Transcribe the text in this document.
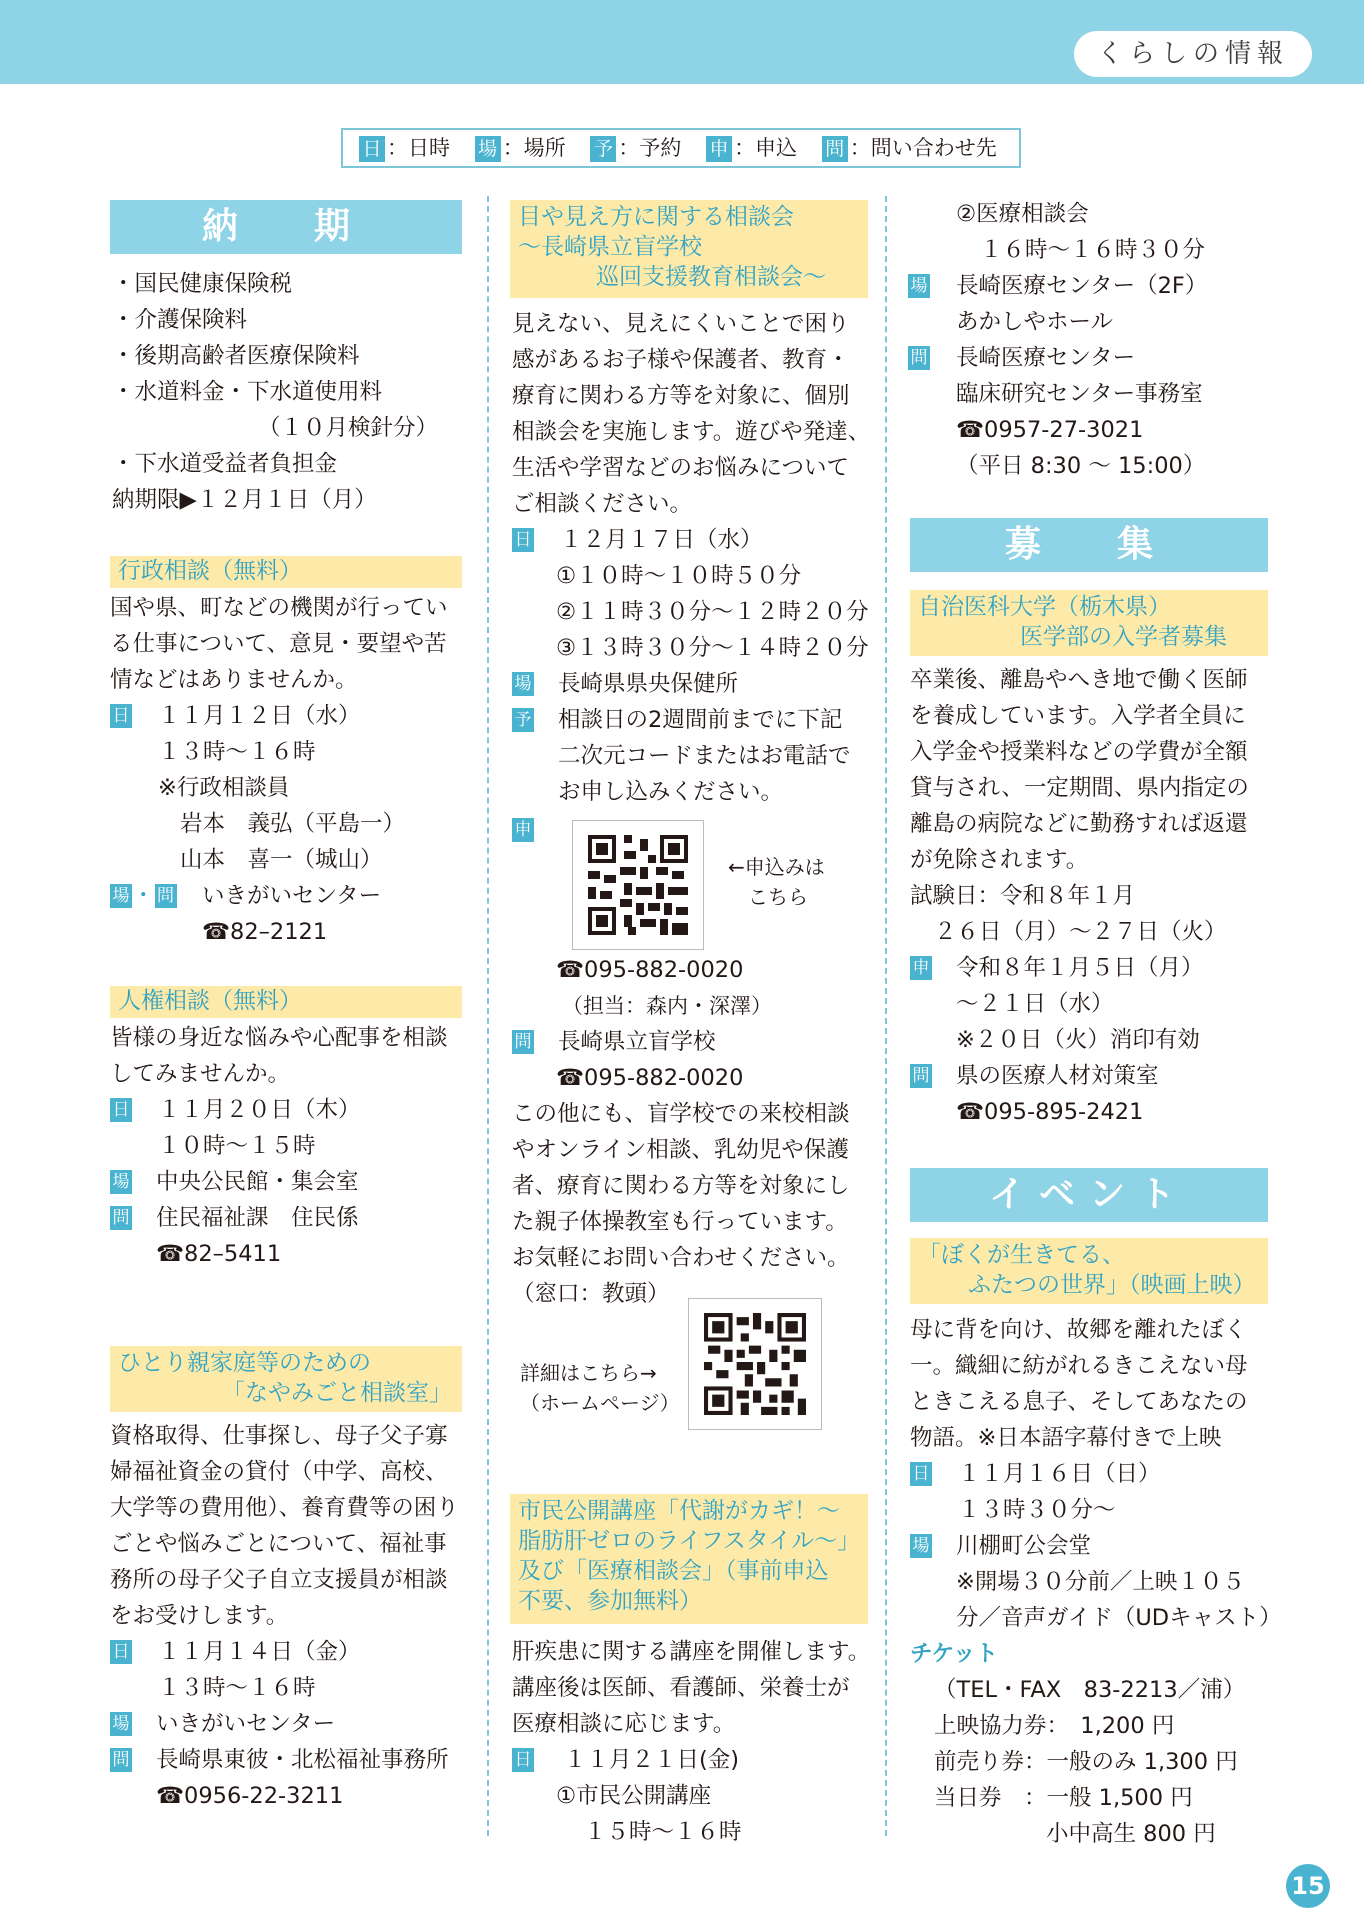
くらしの情報
日 ：日時 場 ：場所 予 ：予約 申 ：申込 問 ：問い合わせ先
納　期
・国民健康保険税
・介護保険料
・後期高齢者医療保険料
・水道料金・下水道使用料
（１０月検針分）
・下水道受益者負担金
納期限▶１２月１日（月）
行政相談（無料）
国や県、町などの機関が行ってい
る仕事について、意見・要望や苦
情などはありませんか。
日 １１月１２日（水）
１３時～１６時
※行政相談員
岩本　義弘（平島一）
山本　喜一（城山）
場 ・ 問 いきがいセンター
☎82–2121
人権相談（無料）
皆様の身近な悩みや心配事を相談
してみませんか。
日 １１月２０日（木）
１０時～１５時
場 中央公民館・集会室
問 住民福祉課　住民係
☎82–5411
ひとり親家庭等のための
「なやみごと相談室」
資格取得、仕事探し、母子父子寡
婦福祉資金の貸付（中学、高校、
大学等の費用他）、養育費等の困り
ごとや悩みごとについて、福祉事
務所の母子父子自立支援員が相談
をお受けします。
日 １１月１４日（金）
１３時～１６時
場 いきがいセンター
問 長崎県東彼・北松福祉事務所
☎0956-22-3211
目や見え方に関する相談会
～長崎県立盲学校
巡回支援教育相談会～
見えない、見えにくいことで困り
感があるお子様や保護者、教育・
療育に関わる方等を対象に、個別
相談会を実施します。遊びや発達、
生活や学習などのお悩みについて
ご相談ください。
日 １２月１７日（水）
①１０時～１０時５０分
②１１時３０分～１２時２０分
③１３時３０分～１４時２０分
場 長崎県県央保健所
予 相談日の2週間前までに下記
二次元コードまたはお電話で
お申し込みください。
申
←申込みは
こちら
☎095-882-0020
（担当：森内・深澤）
問 長崎県立盲学校
☎095-882-0020
この他にも、盲学校での来校相談
やオンライン相談、乳幼児や保護
者、療育に関わる方等を対象にし
た親子体操教室も行っています。
お気軽にお問い合わせください。
（窓口：教頭）
詳細はこちら→
（ホームページ）
市民公開講座「代謝がカギ！～
脂肪肝ゼロのライフスタイル～」
及び「医療相談会」（事前申込
不要、参加無料）
肝疾患に関する講座を開催します。
講座後は医師、看護師、栄養士が
医療相談に応じます。
日 １１月２１日(金)
①市民公開講座
１５時～１６時
②医療相談会
１６時～１６時３０分
場 長崎医療センター（2F）
あかしやホール
問 長崎医療センター
臨床研究センター事務室
☎0957-27-3021
（平日 8:30 ～ 15:00）
募　集
自治医科大学（栃木県）
医学部の入学者募集
卒業後、離島やへき地で働く医師
を養成しています。入学者全員に
入学金や授業料などの学費が全額
貸与され、一定期間、県内指定の
離島の病院などに勤務すれば返還
が免除されます。
試験日：令和８年１月
２６日（月）～２７日（火）
申 令和８年１月５日（月）
～２１日（水）
※２０日（火）消印有効
問 県の医療人材対策室
☎095-895-2421
イベント
「ぼくが生きてる、
ふたつの世界」（映画上映）
母に背を向け、故郷を離れたぼく
一。織細に紡がれるきこえない母
ときこえる息子、そしてあなたの
物語。※日本語字幕付きで上映
日 １１月１６日（日）
１３時３０分～
場 川棚町公会堂
※開場３０分前／上映１０５
分／音声ガイド（UDキャスト）
チケット
（TEL・FAX　83-2213／浦）
上映協力券：　1,200 円
前売り券：一般のみ 1,300 円
当日券　：一般 1,500 円
小中高生 800 円
15
